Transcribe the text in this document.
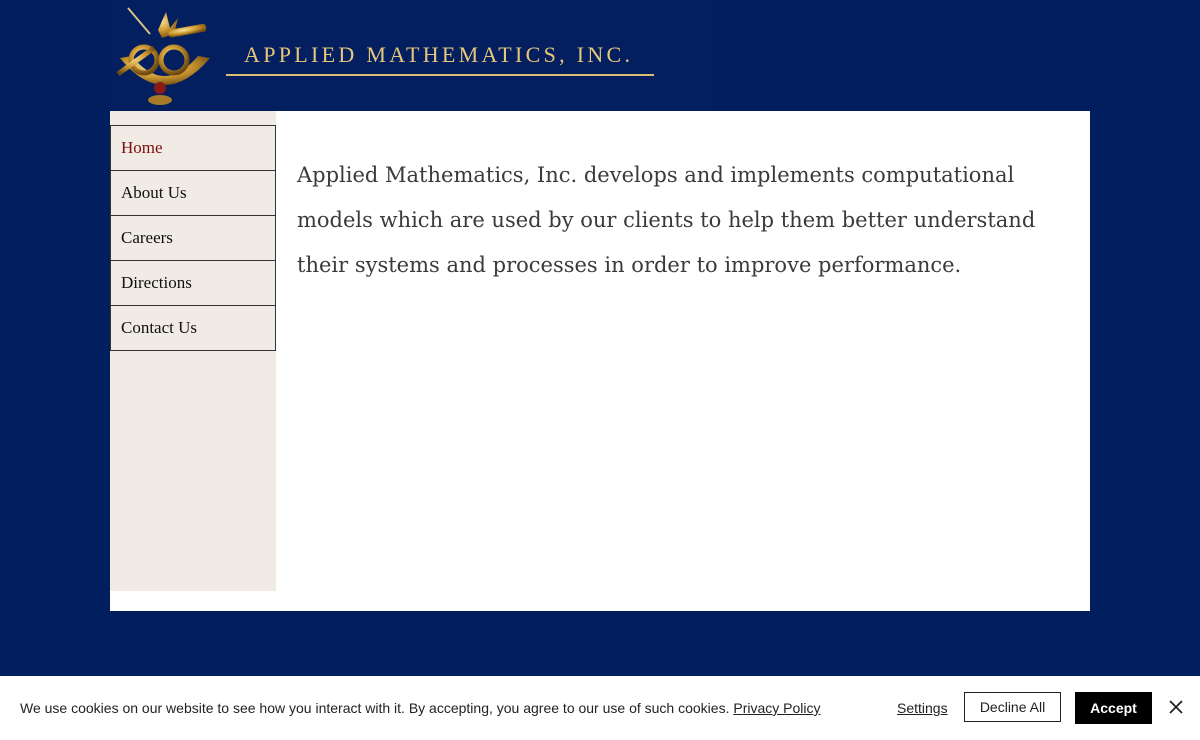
APPLIED MATHEMATICS, INC.
Home
About Us
Careers
Directions
Contact Us

Applied Mathematics, Inc. develops and implements computational models which are used by our clients to help them better understand their systems and processes in order to improve performance.

We use cookies on our website to see how you interact with it. By accepting, you agree to our use of such cookies. Privacy Policy	Settings	Decline All	Accept
